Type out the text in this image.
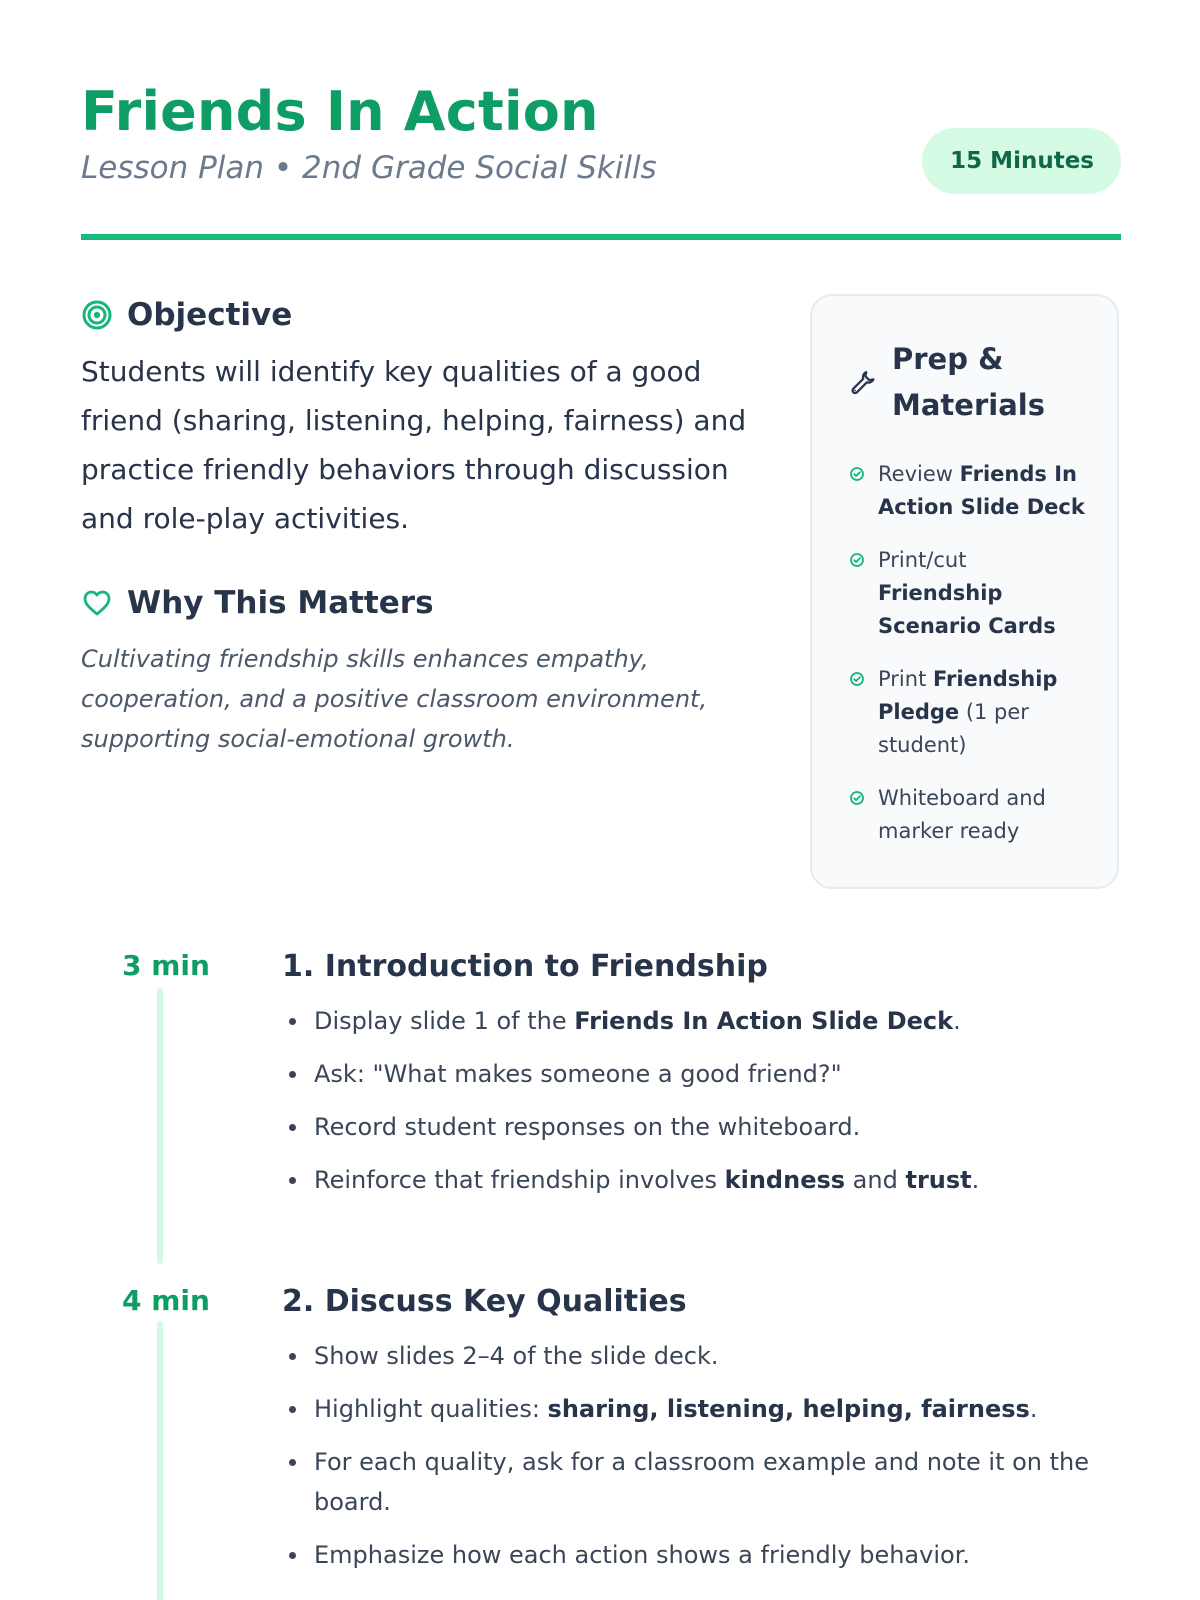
Friends In Action
Lesson Plan • 2nd Grade Social Skills	15 Minutes
Objective
Students will identify key qualities of a good friend (sharing, listening, helping, fairness) and practice friendly behaviors through discussion and role-play activities.
Why This Matters
Cultivating friendship skills enhances empathy, cooperation, and a positive classroom environment, supporting social-emotional growth.
Prep &
Materials
Review Friends In Action Slide Deck
Print/cut Friendship Scenario Cards
Print Friendship Pledge (1 per student)
Whiteboard and marker ready
3 min 1. Introduction to Friendship
Display slide 1 of the Friends In Action Slide Deck.
Ask: "What makes someone a good friend?"
Record student responses on the whiteboard.
Reinforce that friendship involves kindness and trust.
4 min 2. Discuss Key Qualities
Show slides 2–4 of the slide deck.
Highlight qualities: sharing, listening, helping, fairness.
For each quality, ask for a classroom example and note it on the board.
Emphasize how each action shows a friendly behavior.
